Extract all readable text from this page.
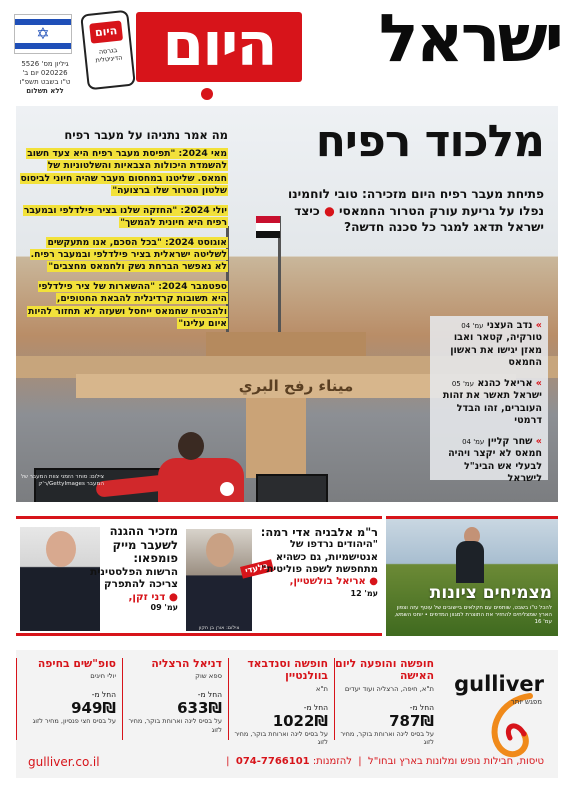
ישראל
היום
היום
בגרסה הדיגיטלית
✡
גיליון מס' 5526
020226 יום ב'
ט"ו בשבט תשפ"ו
ללא תשלום
ميناء رفح البري
מלכוד רפיח
פתיחת מעבר רפיח היום מזכירה: טובי לוחמינו נפלו על גריעת עורק הטרור החמאסי ● כיצד ישראל תדאג למגר כל סכנה חדשה?
מה אמר נתניהו על מעבר רפיח
מאי 2024: "תפיסת מעבר רפיח היא צעד חשוב להשמדת היכולות הצבאיות והשלטוניות של חמאס. שליטנו במחסום מעבר שהיה חיוני לביסוס שלטון הטרור שלו ברצועה"
יולי 2024: "החזקה שלנו בציר פילדלפי ובמעבר רפיח היא חיונית להמשך"
אוגוסט 2024: "בכל הסכם, אנו מתעקשים לשליטה ישראלית בציר פילדלפי ובמעבר רפיח. לא נאפשר הברחת נשק ולחמאס מחצבים"
ספטמבר 2024: "ההשארות של ציר פילדלפי היא תשובות קרדינלית להבאת החטופים, ולהבטיח שחמאס ייחסל ושעזה לא תחזור להיות איום עלינו"
צילום: סוחר הזמני צוות המעבר של המעבר GettyImages/ר'ק
» נדב העצני עמ' 04
טורקיה, קטאר ואבו מאזן יגישו את ראשון החמאס
» אריאל כהנא עמ' 05
ישראל תאשר את זהות העוברים, זהו הבדל דרמטי
» שחר קליין עמ' 04
חמאס לא יקצר ויהיה לבעלי אש הבינ"ל לישראל
צילום: אורן בן חקון
בלעדי
ר"מ אלבניה אדי רמה:
"היהודים נרדפו של אנטישמיות, גם כשהיא מתחפשת לשפה פוליטית"
● אריאל בולשטיין,
עמ' 12
מזכיר ההגנה לשעבר מייק פומפאו:
הרשות הפלסטינית צריכה להתפרק
● דני זקן,
עמ' 09
מצמיחים ציונות
להכל ט"ו בשבט, שותפים עם חקלאים ביישובים של עוטף עזה וצפון הארץ שמצליחים להחזיר את התוצרת למגוון המדפים • יוחס השמש, עמ' 16
gulliver
מפגש יותר
חופשה והופעה ליום האישה
ת"א, חיפה, הרצליה ועוד יעדים
החל מ-
787₪
על בסיס לינה וארוחת בוקר, מחיר לזוג
חופשה וסנדבאד בוולנטיין
ת"א
החל מ-
1022₪
על בסיס לינה וארוחת בוקר, מחיר לזוג
דניאל הרצליה
ספא שוק
החל מ-
633₪
על בסיס לינה וארוחת בוקר, מחיר לזוג
סופ"שים בחיפה
יולי חיגים
החל מ-
949₪
על בסיס חצי פנסיון, מחיר לזוג
טיסות, חבילות נופש ומלונות בארץ ובחו"ל  |  להזמנות: 074-7766101  |
gulliver.co.il
